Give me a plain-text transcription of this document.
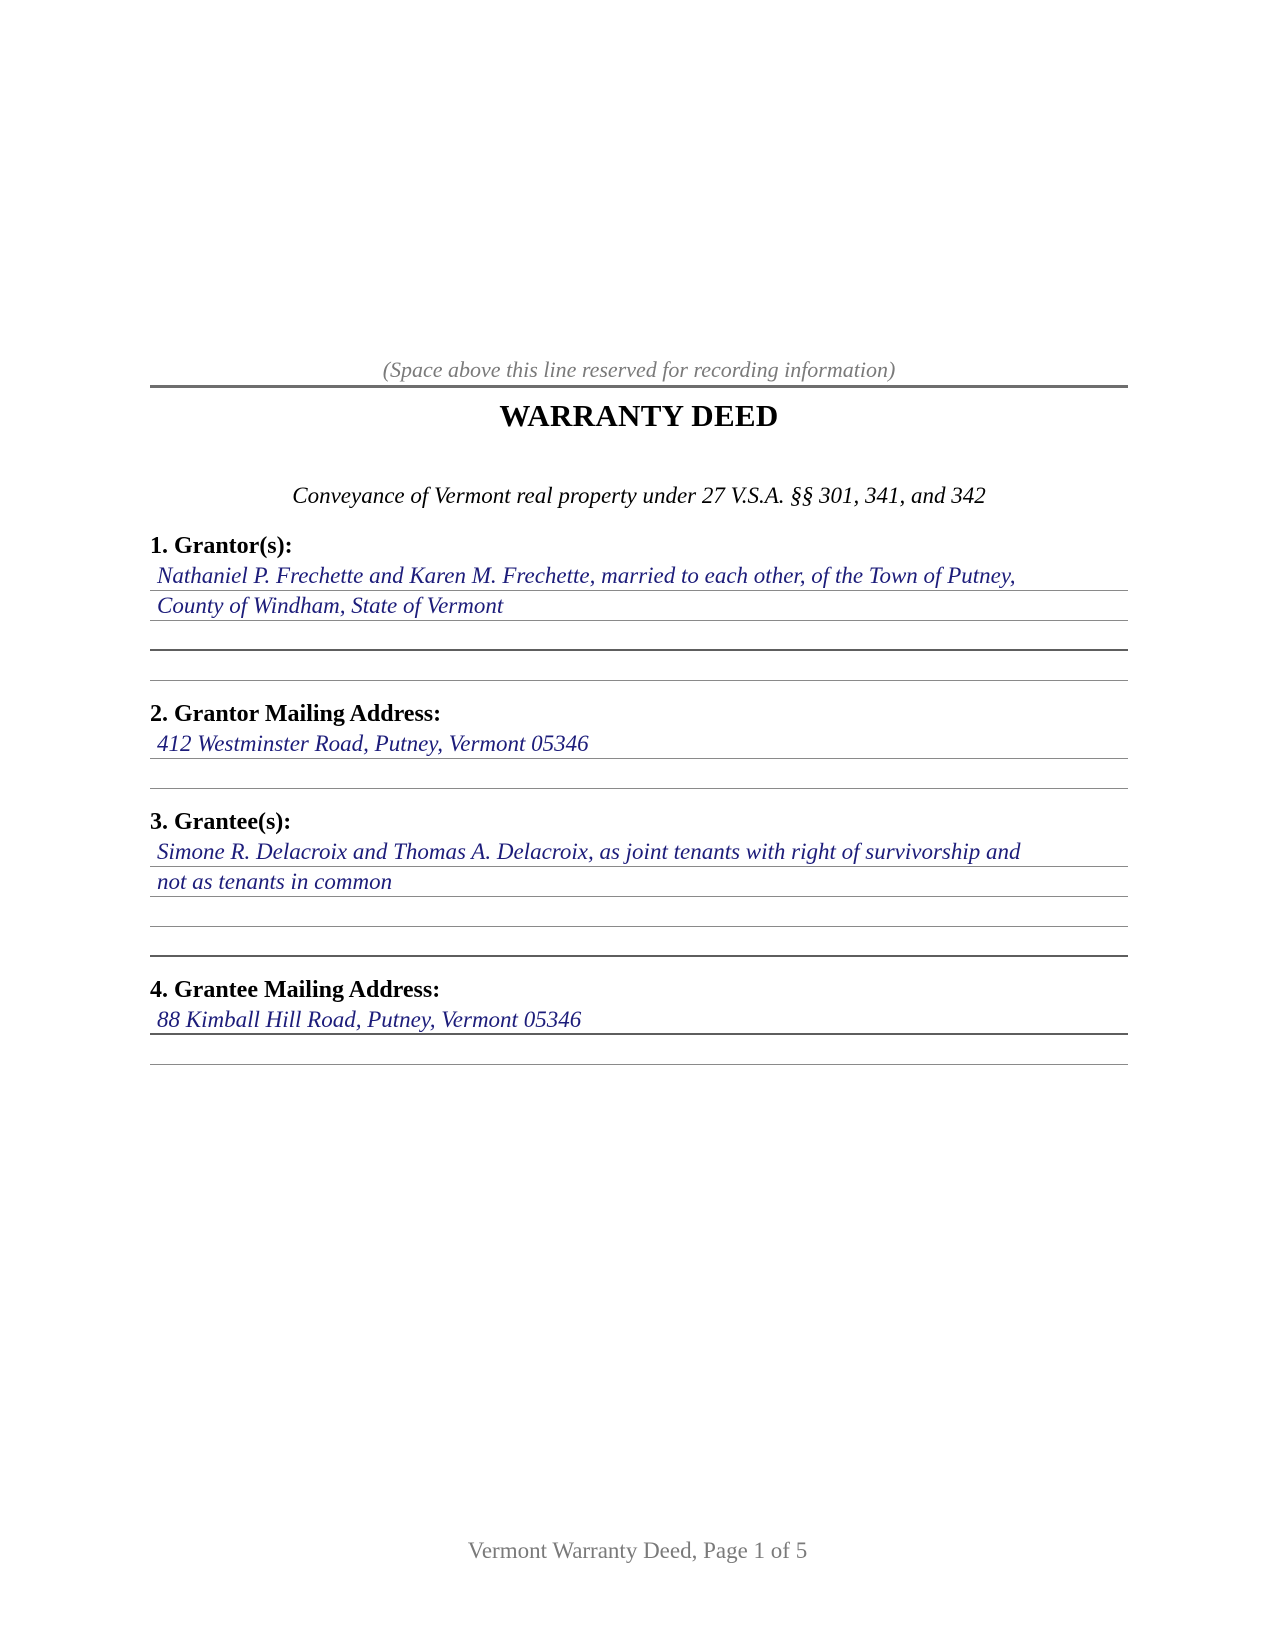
(Space above this line reserved for recording information)
WARRANTY DEED
Conveyance of Vermont real property under 27 V.S.A. §§ 301, 341, and 342
1. Grantor(s):
Nathaniel P. Frechette and Karen M. Frechette, married to each other, of the Town of Putney,
County of Windham, State of Vermont
2. Grantor Mailing Address:
412 Westminster Road, Putney, Vermont 05346
3. Grantee(s):
Simone R. Delacroix and Thomas A. Delacroix, as joint tenants with right of survivorship and
not as tenants in common
4. Grantee Mailing Address:
88 Kimball Hill Road, Putney, Vermont 05346
Vermont Warranty Deed, Page 1 of 5
